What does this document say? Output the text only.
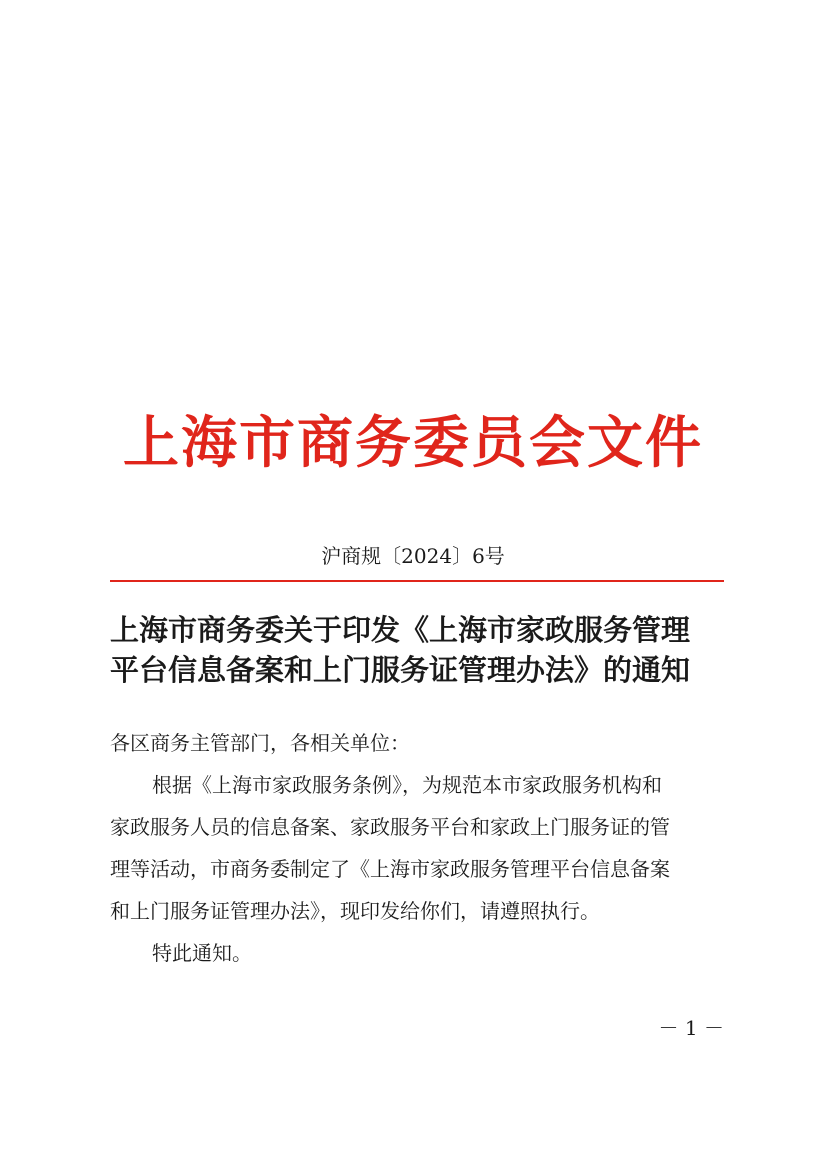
上海市商务委员会文件
沪商规〔2024〕6号
上海市商务委关于印发《上海市家政服务管理
平台信息备案和上门服务证管理办法》的通知
各区商务主管部门，各相关单位：
根据《上海市家政服务条例》，为规范本市家政服务机构和
家政服务人员的信息备案、家政服务平台和家政上门服务证的管
理等活动，市商务委制定了《上海市家政服务管理平台信息备案
和上门服务证管理办法》，现印发给你们，请遵照执行。
特此通知。
－ 1 －
